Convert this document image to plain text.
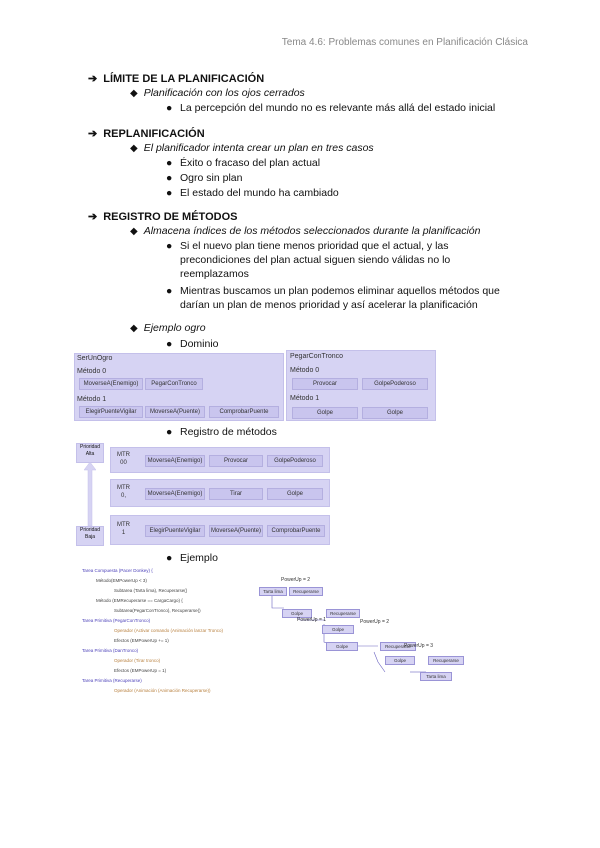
Tema 4.6: Problemas comunes en Planificación Clásica
➔ LÍMITE DE LA PLANIFICACIÓN
◆ Planificación con los ojos cerrados
● La percepción del mundo no es relevante más allá del estado inicial
➔ REPLANIFICACIÓN
◆ El planificador intenta crear un plan en tres casos
● Éxito o fracaso del plan actual
● Ogro sin plan
● El estado del mundo ha cambiado
➔ REGISTRO DE MÉTODOS
◆ Almacena índices de los métodos seleccionados durante la planificación
● Si el nuevo plan tiene menos prioridad que el actual, y las
precondiciones del plan actual siguen siendo válidas no lo
reemplazamos
● Mientras buscamos un plan podemos eliminar aquellos métodos que
darían un plan de menos prioridad y así acelerar la planificación
◆ Ejemplo ogro
● Dominio
SerUnOgro
Método 0
MoverseA(Enemigo)	PegarConTronco
Método 1
ElegirPuenteVigilar	MoverseA(Puente)	ComprobarPuente
PegarConTronco
Método 0
Provocar	GolpePoderoso
Método 1
Golpe	Golpe
● Registro de métodos
Prioridad
Alta
Prioridad
Baja
MTR
00	MoverseA(Enemigo)	Provocar	GolpePoderoso
MTR
0,	MoverseA(Enemigo)	Tirar	Golpe
MTR
1	ElegirPuenteVigilar	MoverseA(Puente)	ComprobarPuente
● Ejemplo
Tarea Compuesta (Pacer Donkey) {
Método(EMPowerUp < 3)
Subtarea (Tarta lima), Recuperarse()
Método (EMRecuperarse == CargaCargo) {
Subtarea(PegarConTronco), Recuperarse()
Tarea Primitiva (PegarConTronco)
Operador (Activar comando (Animación lanzar Tronco)
Efectos (EMPowerUp += 1)
Tarea Primitiva (DanTronco)
Operador (Tirar tronco)
Efectos (EMPowerUp = 1)
Tarea Primitiva (Recuperarse)
Operador (Animación (Animación Recuperarse))
PowerUp = 2
Tarta lima	Recuperarse
Golpe	Recuperarse
PowerUp = 1
Golpe
PowerUp = 2
Golpe	Recuperarse
PowerUp = 3
Golpe	Recuperarse
Tarta lima
